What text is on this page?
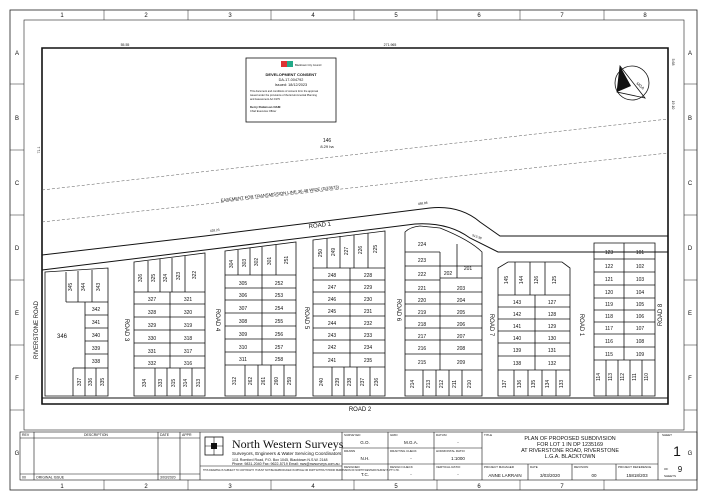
1	2	3	4	5	6	7	8
1	2	3	4	5	6	7
A
B
C
D
E
F
G
A
B
C
D
E
F
G
55.55	271.965
71.1
5.68
19.10
Blacktown City Council
DEVELOPMENT CONSENT
DA-17-004792
Issued: 18/12/2023
This document and conditions of consent form the approval
issued under the provisions of the Environmental Planning
and Assessment Act 1979
Kerry Robinson OAM
Chief Executive Officer
MGA
146
8.29 ha
EASEMENT FOR TRANSMISSION LINE 36.48 WIDE (G33573)
ROAD 1
428.23
488.88
513.38
ROAD 2
RIVERSTONE ROAD	ROAD 3	ROAD 4	ROAD 5	ROAD 6
ROAD 7	ROAD 1	ROAD 8
346
345 344 343
342
341
340
339
338
337 336 335
326 325 324 323 322
327
328
329
330
331
332
321
320
319
318
317
316
334 333 315 314 313
304 303 302 301 251
305
306
307
308
309
310
311
252
253
254
255
256
257
258
312 262 261 260 259
250 249 227 226 225
248
247
246
245
244
243
242
241
228
229
230
231
232
233
234
235
240 239 238 237 236
224
223
222	202
201
221
220
219
218
217
216
215
203
204
205
206
207
208
209
214 213 212 211 210
145 144 126 125
143
142
141
140
139
138
127
128
129
130
131
132
137 136 135 134 133
123
122
121
120
119
118
117
116
115
101
102
103
104
105
106
107
108
109
114 113 112 111 110
REV	DESCRIPTION	DATE	APPR
00	ORIGINAL ISSUE	3/03/2020
North Western Surveys
Surveyors, Engineers & Water Servicing Coordinators
1/11 Romford Road, P.O. Box 1045, Blacktown N.S.W. 2148
Phone: 9831-2040 Fax: 9622-5719 Email: nws@nwsurveys.com.au
THIS DRAWING IS SUBJECT TO COPYRIGHT. IT MUST NOT BE REPRODUCED IN WHOLE OR PART WITHOUT PRIOR PERMISSION OF NORTH WESTERN SURVEYS PTY LTD.
SURVEYED
G.O.
GRID
M.G.A.
DATUM
-
DRAWN
N.H.
DRAFTING CHECK
-
HORIZONTAL RATIO
1:1000
DESIGNED
T.C.
DESIGN CHECK
-
VERTICAL RATIO
-
TITLE
PLAN OF PROPOSED SUBDIVISION
FOR LOT 1 IN DP 1235169
AT RIVERSTONE ROAD, RIVERSTONE
L.G.A. BLACKTOWN
PROJECT MANAGER
ANNE LARRAIN
DATE
3/03/2020
REVISION
00
PROJECT REFERENCE
15818/203
SHEET
1
OF 9
SHEETS
